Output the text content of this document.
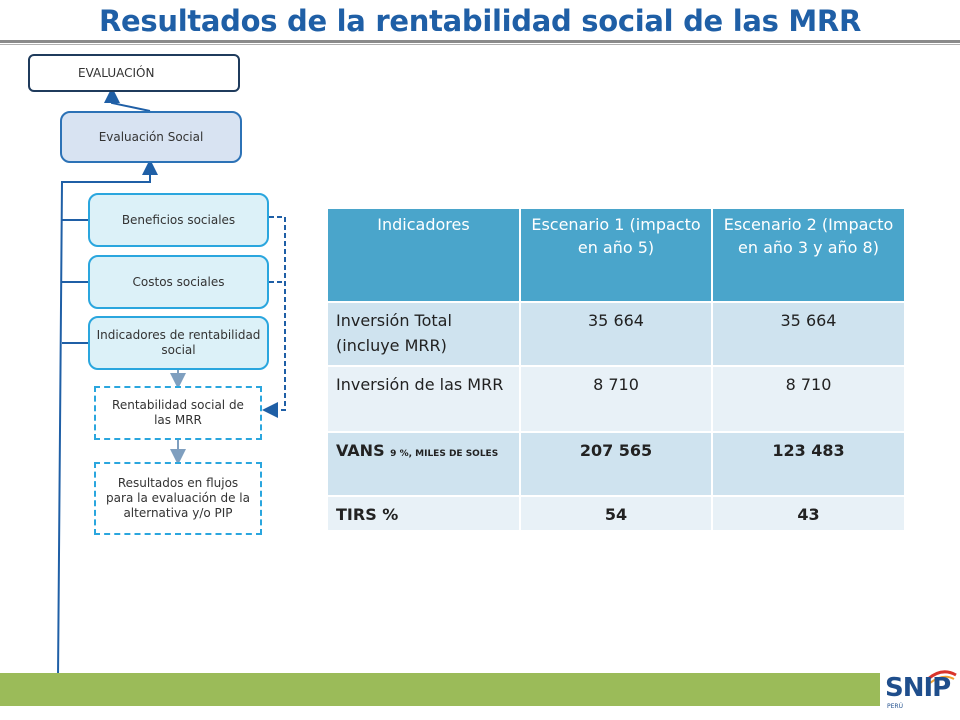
Resultados de la rentabilidad social de las MRR
EVALUACIÓN
Evaluación Social
Beneficios sociales
Costos sociales
Indicadores de rentabilidad social
Rentabilidad social de las MRR
Resultados en flujos para la evaluación de la alternativa y/o PIP
Indicadores	Escenario 1 (impacto en año 5)	Escenario 2 (Impacto en año 3 y año 8)
Inversión Total (incluye MRR)	35 664	35 664
Inversión de las MRR	8 710	8 710
VANS 9 %, MILES DE SOLES	207 565	123 483
TIRS %	54	43
SNIP
PERÚ
